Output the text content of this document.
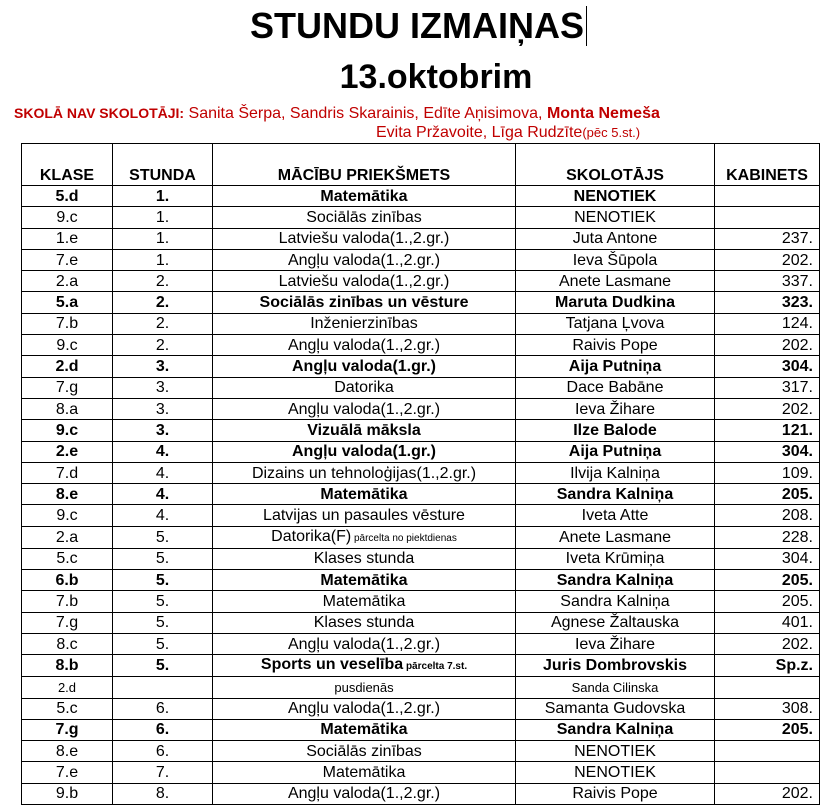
STUNDU IZMAIŅAS
13.oktobrim
SKOLĀ NAV SKOLOTĀJI: Sanita Šerpa, Sandris Skarainis, Edīte Aņisimova, Monta Nemeša
Evita Pržavoite, Līga Rudzīte(pēc 5.st.)
KLASE	STUNDA	MĀCĪBU PRIEKŠMETS	SKOLOTĀJS	KABINETS
5.d	1.	Matemātika	NENOTIEK	
9.c	1.	Sociālās zinības	NENOTIEK	
1.e	1.	Latviešu valoda(1.,2.gr.)	Juta Antone	237.
7.e	1.	Angļu valoda(1.,2.gr.)	Ieva Šūpola	202.
2.a	2.	Latviešu valoda(1.,2.gr.)	Anete Lasmane	337.
5.a	2.	Sociālās zinības un vēsture	Maruta Dudkina	323.
7.b	2.	Inženierzinības	Tatjana Ļvova	124.
9.c	2.	Angļu valoda(1.,2.gr.)	Raivis Pope	202.
2.d	3.	Angļu valoda(1.gr.)	Aija Putniņa	304.
7.g	3.	Datorika	Dace Babāne	317.
8.a	3.	Angļu valoda(1.,2.gr.)	Ieva Žihare	202.
9.c	3.	Vizuālā māksla	Ilze Balode	121.
2.e	4.	Angļu valoda(1.gr.)	Aija Putniņa	304.
7.d	4.	Dizains un tehnoloģijas(1.,2.gr.)	Ilvija Kalniņa	109.
8.e	4.	Matemātika	Sandra Kalniņa	205.
9.c	4.	Latvijas un pasaules vēsture	Iveta Atte	208.
2.a	5.	Datorika(F) pārcelta no piektdienas	Anete Lasmane	228.
5.c	5.	Klases stunda	Iveta Krūmiņa	304.
6.b	5.	Matemātika	Sandra Kalniņa	205.
7.b	5.	Matemātika	Sandra Kalniņa	205.
7.g	5.	Klases stunda	Agnese Žaltauska	401.
8.c	5.	Angļu valoda(1.,2.gr.)	Ieva Žihare	202.
8.b	5.	Sports un veselība pārcelta 7.st.	Juris Dombrovskis	Sp.z.
2.d		pusdienās	Sanda Cilinska	
5.c	6.	Angļu valoda(1.,2.gr.)	Samanta Gudovska	308.
7.g	6.	Matemātika	Sandra Kalniņa	205.
8.e	6.	Sociālās zinības	NENOTIEK	
7.e	7.	Matemātika	NENOTIEK	
9.b	8.	Angļu valoda(1.,2.gr.)	Raivis Pope	202.
